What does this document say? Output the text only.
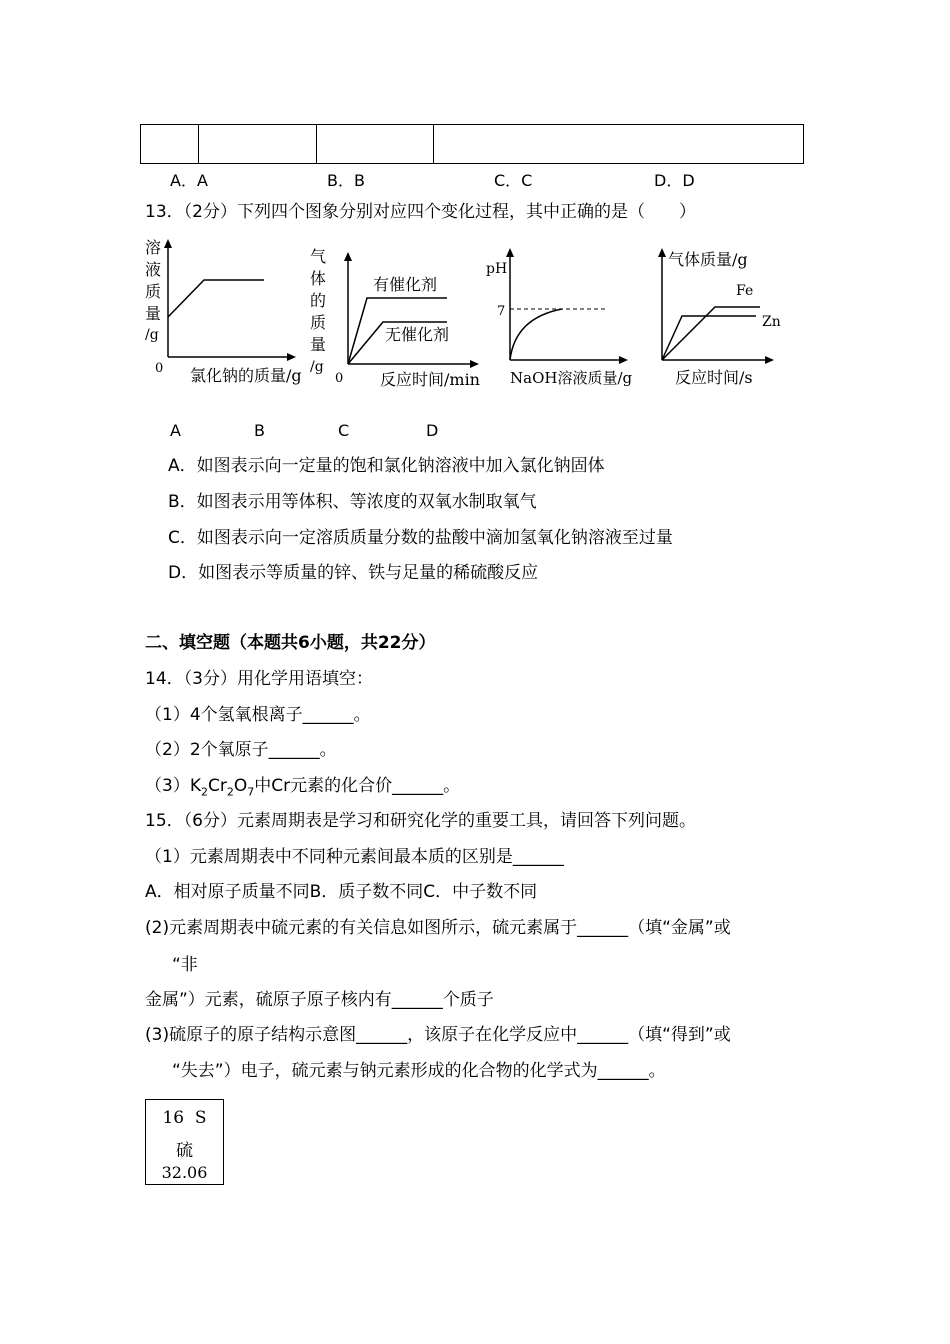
A．A	B．B	C．C	D．D
13．（2分）下列四个图象分别对应四个变化过程，其中正确的是（　　）
溶
液
质
量
/g
0 氯化钠的质量/g
气
体
的
质
量
/g
0
有催化剂
无催化剂
反应时间/min
pH
7
NaOH溶液质量/g
气体质量/g
Fe
Zn
反应时间/s
A	B	C	D
A．如图表示向一定量的饱和氯化钠溶液中加入氯化钠固体
B．如图表示用等体积、等浓度的双氧水制取氧气
C．如图表示向一定溶质质量分数的盐酸中滴加氢氧化钠溶液至过量
D．如图表示等质量的锌、铁与足量的稀硫酸反应
二、填空题（本题共6小题，共22分）
14．（3分）用化学用语填空：
（1）4个氢氧根离子______。
（2）2个氧原子______。
$(3)K_2Cr_2O_7$中Cr元素的化合价______。
15．（6分）元素周期表是学习和研究化学的重要工具，请回答下列问题。
（1）元素周期表中不同种元素间最本质的区别是______
A．相对原子质量不同B．质子数不同C．中子数不同
(2)元素周期表中硫元素的有关信息如图所示，硫元素属于______（填“金属”或
“非
金属”）元素，硫原子原子核内有______个质子
(3)硫原子的原子结构示意图______，该原子在化学反应中______（填“得到”或
“失去”）电子，硫元素与钠元素形成的化合物的化学式为______。
16 S
硫
32.06
